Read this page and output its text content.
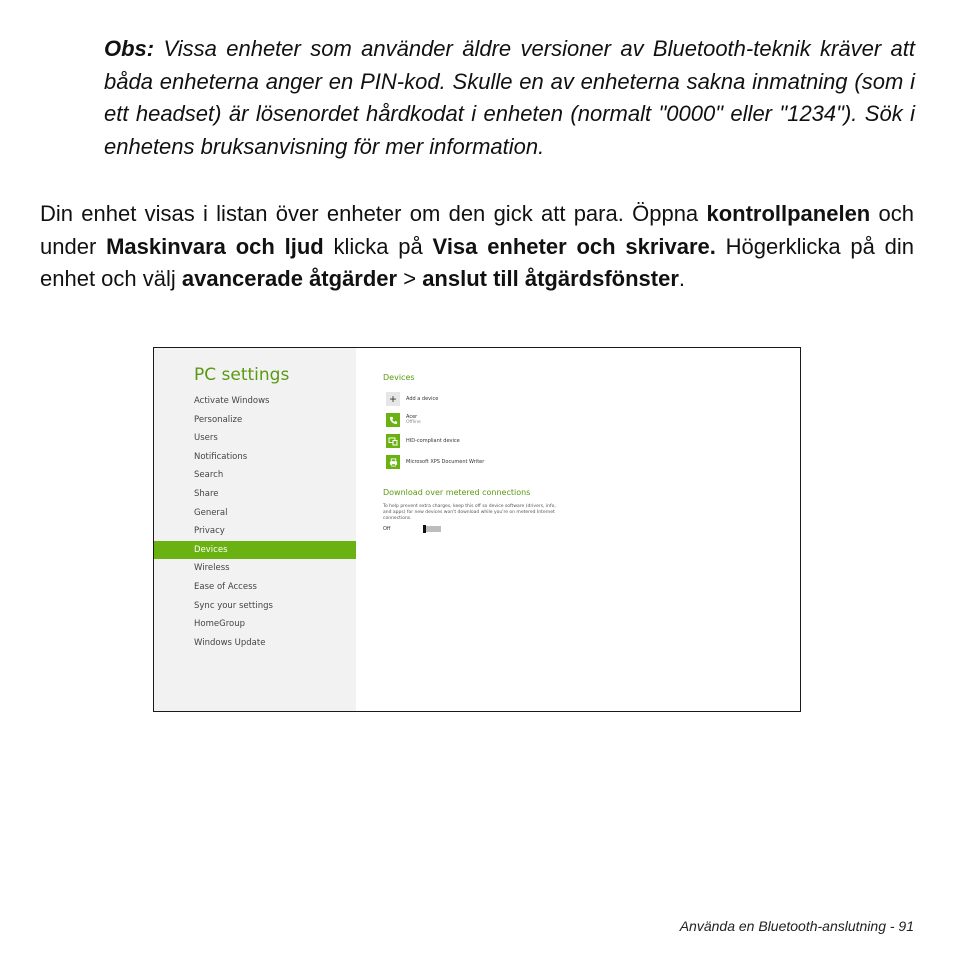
Obs: Vissa enheter som använder äldre versioner av Bluetooth-teknik kräver att båda enheterna anger en PIN-kod. Skulle en av enheterna sakna inmatning (som i ett headset) är lösenordet hårdkodat i enheten (normalt "0000" eller "1234"). Sök i enhetens bruksanvisning för mer information.
Din enhet visas i listan över enheter om den gick att para. Öppna kontrollpanelen och under Maskinvara och ljud klicka på Visa enheter och skrivare. Högerklicka på din enhet och välj avancerade åtgärder > anslut till åtgärdsfönster.
PC settings
Activate Windows
Personalize
Users
Notifications
Search
Share
General
Privacy
Devices
Wireless
Ease of Access
Sync your settings
HomeGroup
Windows Update
Devices
+	Add a device
Acer
Offline
HID-compliant device
Microsoft XPS Document Writer
Download over metered connections
To help prevent extra charges, keep this off so device software (drivers, info, and apps) for new devices won't download while you're on metered Internet connections.
Off
Använda en Bluetooth-anslutning - 91
